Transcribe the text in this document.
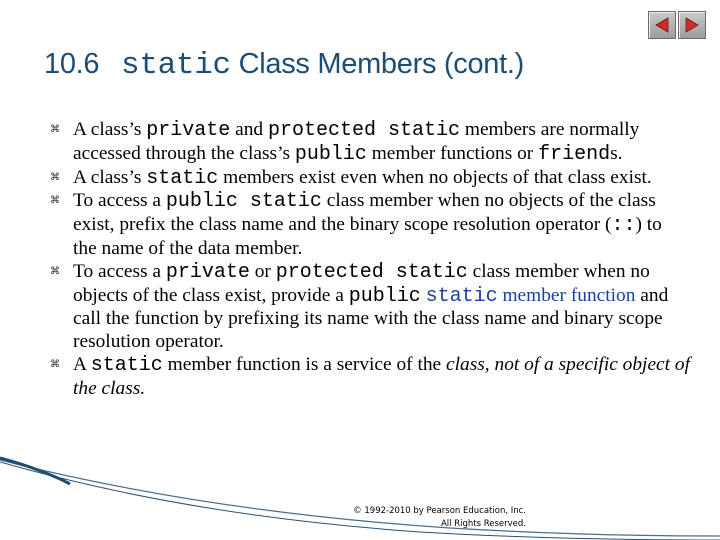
10.6 static Class Members (cont.)
⌘ A class’s private and protected static members are normally accessed through the class’s public member functions or friends.
⌘ A class’s static members exist even when no objects of that class exist.
⌘ To access a public static class member when no objects of the class exist, prefix the class name and the binary scope resolution operator (::) to the name of the data member.
⌘ To access a private or protected static class member when no objects of the class exist, provide a public static member function and call the function by prefixing its name with the class name and binary scope resolution operator.
⌘ A static member function is a service of the class, not of a specific object of the class.
© 1992-2010 by Pearson Education, Inc.
All Rights Reserved.
